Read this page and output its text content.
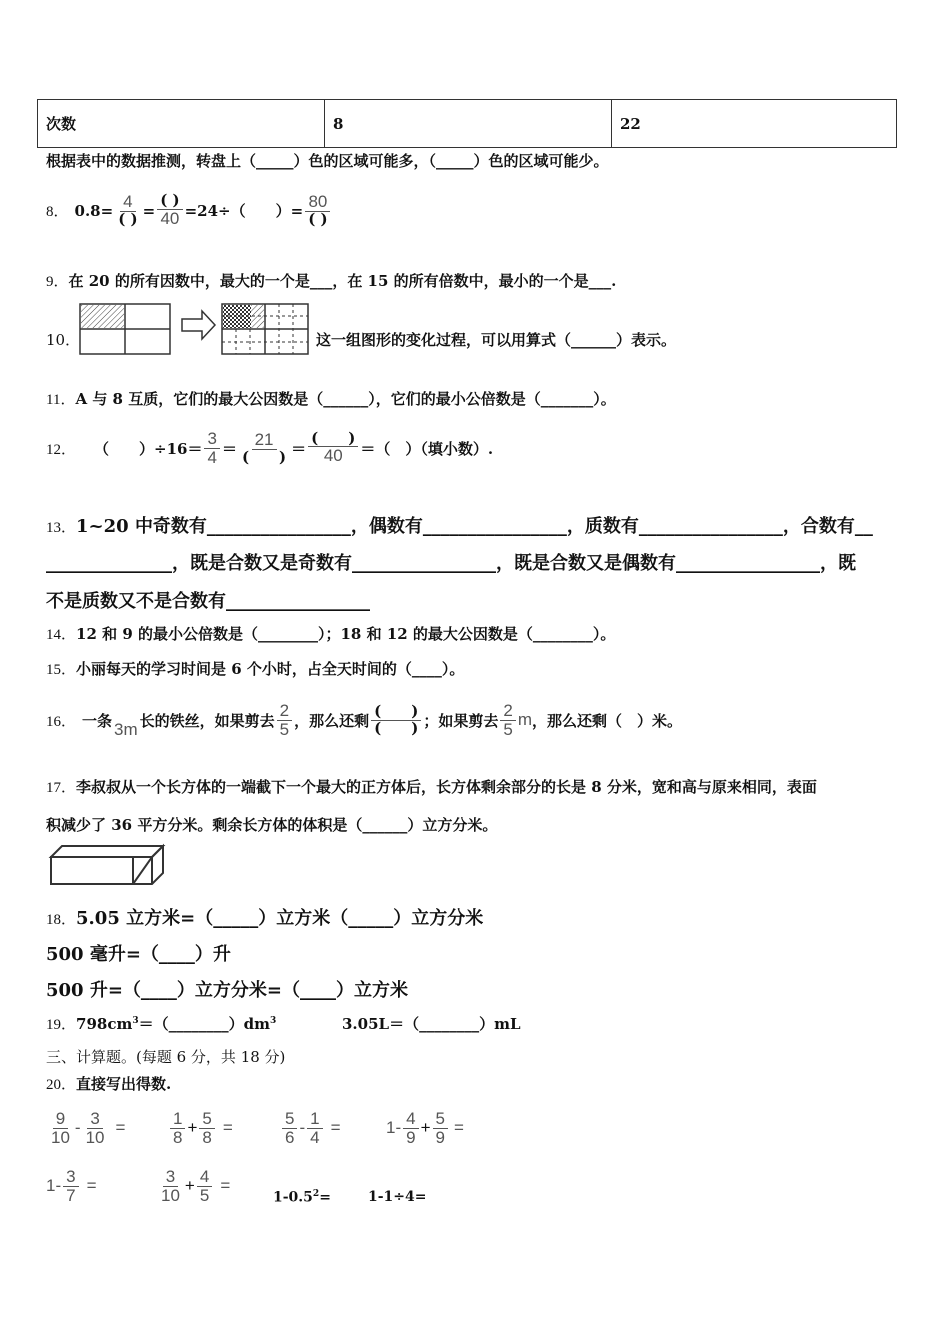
次数	8	22
根据表中的数据推测，转盘上（_____）色的区域可能多，（_____）色的区域可能少。
8． $0.8= \frac{4}{( )} = \frac{( )}{40} =24\div$（　　）= $\frac{80}{( )}$
9．在 20 的所有因数中，最大的一个是___，在 15 的所有倍数中，最小的一个是___.
10．	这一组图形的变化过程，可以用算式（______）表示。
11．A 与 8 互质，它们的最大公因数是（______），它们的最小公倍数是（_______）。
12． （　　）$\div 16= \frac{3}{4} = \frac{21}{( )} = \frac{( )}{40}$ ＝（　）（填小数）.
13．1~20 中奇数有________________，偶数有________________，质数有________________，合数有__
______________，既是合数又是奇数有________________，既是合数又是偶数有________________，既
不是质数又不是合数有________________
14．12 和 9 的最小公倍数是（________）；18 和 12 的最大公因数是（________）。
15．小丽每天的学习时间是 6 个小时，占全天时间的（____）。
16． 一条 3m 长的铁丝，如果剪去 $\frac{2}{5}$ ，那么还剩 $\frac{( )}{( )}$ ；如果剪去 $\frac{2}{5}$ m ，那么还剩（　）米。
17．李叔叔从一个长方体的一端截下一个最大的正方体后，长方体剩余部分的长是 8 分米，宽和高与原来相同，表面
积减少了 36 平方分米。剩余长方体的体积是（______）立方分米。
18．5.05 立方米=（_____）立方米（_____）立方分米
500 毫升=（____）升
500 升=（____）立方分米=（____）立方米
19．$798cm^3=(\_\_\_\_\_\_\_\_)dm^3$	3.05L＝（________）mL
三、计算题。(每题 6 分，共 18 分)
20．直接写出得数.
$\frac{9}{10} - \frac{3}{10}$ =	$\frac{1}{8} + \frac{5}{8}$ =	$\frac{5}{6} - \frac{1}{4}$ =	$1- \frac{4}{9} + \frac{5}{9}$ =
$1- \frac{3}{7}$ =	$\frac{3}{10} + \frac{4}{5}$ =
$1-0.5^2=$	1-1÷4=
